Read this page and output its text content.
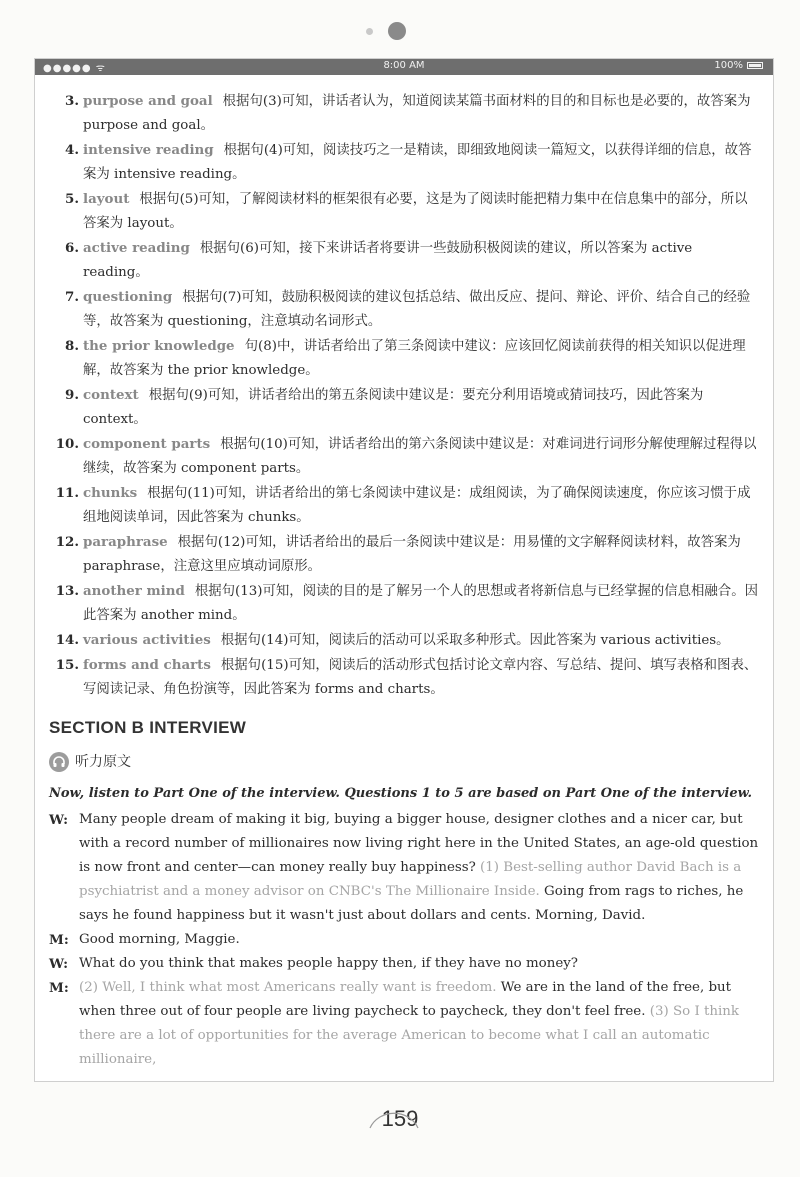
●●●●● ᯤ	8:00 AM	100%
3. purpose and goal 根据句(3)可知，讲话者认为，知道阅读某篇书面材料的目的和目标也是必要的，故答案为 purpose and goal。
4. intensive reading 根据句(4)可知，阅读技巧之一是精读，即细致地阅读一篇短文，以获得详细的信息，故答案为 intensive reading。
5. layout 根据句(5)可知，了解阅读材料的框架很有必要，这是为了阅读时能把精力集中在信息集中的部分，所以答案为 layout。
6. active reading 根据句(6)可知，接下来讲话者将要讲一些鼓励积极阅读的建议，所以答案为 active reading。
7. questioning 根据句(7)可知，鼓励积极阅读的建议包括总结、做出反应、提问、辩论、评价、结合自己的经验等，故答案为 questioning，注意填动名词形式。
8. the prior knowledge 句(8)中，讲话者给出了第三条阅读中建议：应该回忆阅读前获得的相关知识以促进理解，故答案为 the prior knowledge。
9. context 根据句(9)可知，讲话者给出的第五条阅读中建议是：要充分利用语境或猜词技巧，因此答案为 context。
10. component parts 根据句(10)可知，讲话者给出的第六条阅读中建议是：对难词进行词形分解使理解过程得以继续，故答案为 component parts。
11. chunks 根据句(11)可知，讲话者给出的第七条阅读中建议是：成组阅读，为了确保阅读速度，你应该习惯于成组地阅读单词，因此答案为 chunks。
12. paraphrase 根据句(12)可知，讲话者给出的最后一条阅读中建议是：用易懂的文字解释阅读材料，故答案为 paraphrase，注意这里应填动词原形。
13. another mind 根据句(13)可知，阅读的目的是了解另一个人的思想或者将新信息与已经掌握的信息相融合。因此答案为 another mind。
14. various activities 根据句(14)可知，阅读后的活动可以采取多种形式。因此答案为 various activities。
15. forms and charts 根据句(15)可知，阅读后的活动形式包括讨论文章内容、写总结、提问、填写表格和图表、写阅读记录、角色扮演等，因此答案为 forms and charts。
SECTION B INTERVIEW
听力原文
Now, listen to Part One of the interview. Questions 1 to 5 are based on Part One of the interview.
W: Many people dream of making it big, buying a bigger house, designer clothes and a nicer car, but with a record number of millionaires now living right here in the United States, an age-old question is now front and center—can money really buy happiness? (1) Best-selling author David Bach is a psychiatrist and a money advisor on CNBC's The Millionaire Inside. Going from rags to riches, he says he found happiness but it wasn't just about dollars and cents. Morning, David.
M: Good morning, Maggie.
W: What do you think that makes people happy then, if they have no money?
M: (2) Well, I think what most Americans really want is freedom. We are in the land of the free, but when three out of four people are living paycheck to paycheck, they don't feel free. (3) So I think there are a lot of opportunities for the average American to become what I call an automatic millionaire,
159
